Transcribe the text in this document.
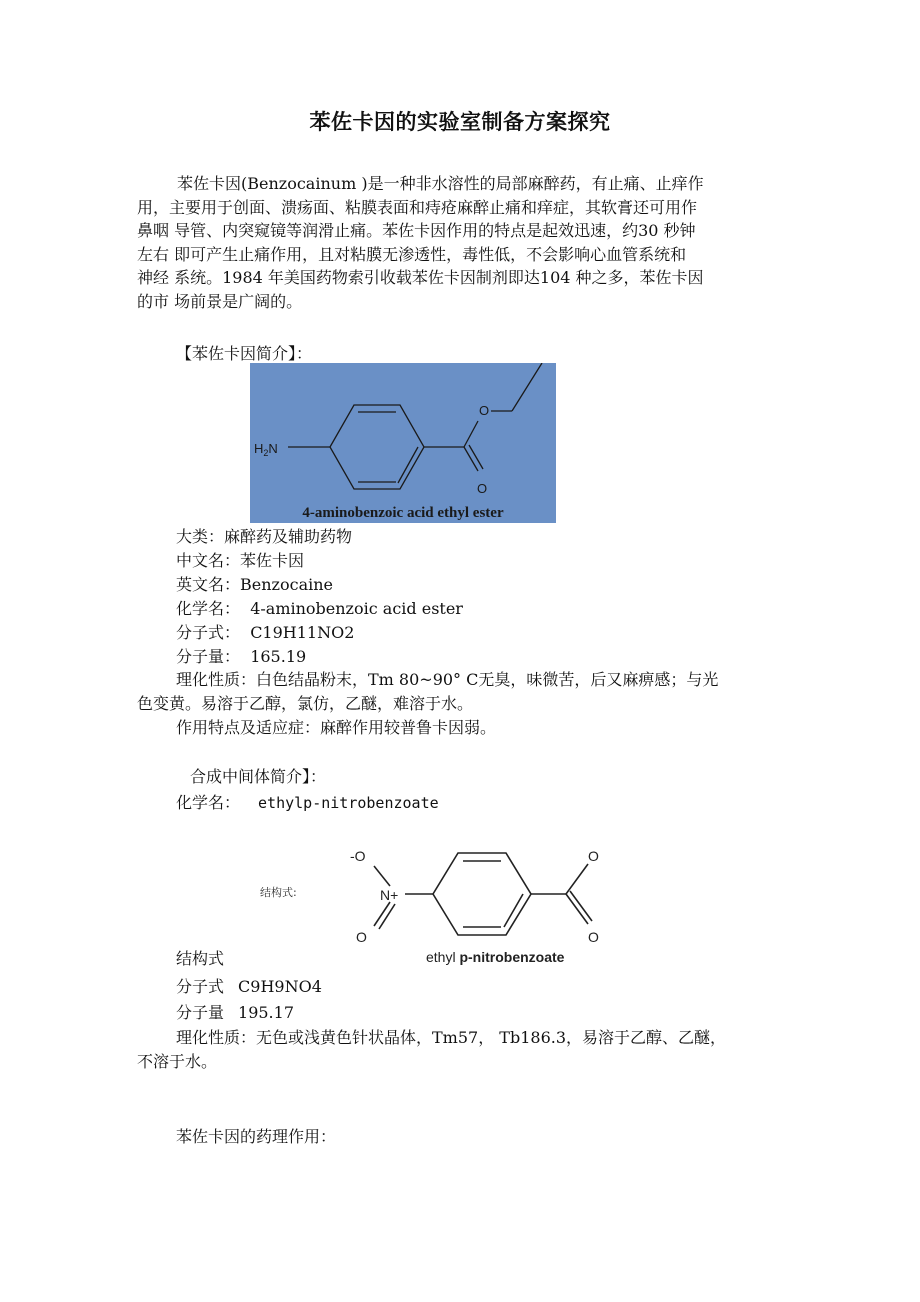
苯佐卡因的实验室制备方案探究
苯佐卡因(Benzocainum )是一种非水溶性的局部麻醉药，有止痛、止痒作
用，主要用于创面、溃疡面、粘膜表面和痔疮麻醉止痛和痒症，其软膏还可用作
鼻咽 导管、内突窥镜等润滑止痛。苯佐卡因作用的特点是起效迅速，约30 秒钟
左右 即可产生止痛作用，且对粘膜无渗透性，毒性低，不会影响心血管系统和
神经 系统。1984 年美国药物索引收载苯佐卡因制剂即达104 种之多，苯佐卡因
的市 场前景是广阔的。
【苯佐卡因简介】：
$H_2N$
O
O
4-aminobenzoic acid ethyl ester
大类：麻醉药及辅助药物
中文名：苯佐卡因
英文名：Benzocaine
化学名：  4-aminobenzoic acid ester
分子式：  C19H11NO2
分子量：  165.19
理化性质：白色结晶粉末，Tm 80~90° C无臭，味微苦，后又麻痹感；与光
色变黄。易溶于乙醇，氯仿，乙醚，难溶于水。
作用特点及适应症：麻醉作用较普鲁卡因弱。
合成中间体简介】：
化学名： ethylp-nitrobenzoate
结构式:
-O
N+
O
O
O
ethyl p-nitrobenzoate
结构式
分子式 C9H9NO4
分子量 195.17
理化性质：无色或浅黄色针状晶体，Tm57， Tb186.3，易溶于乙醇、乙醚，
不溶于水。
苯佐卡因的药理作用：
